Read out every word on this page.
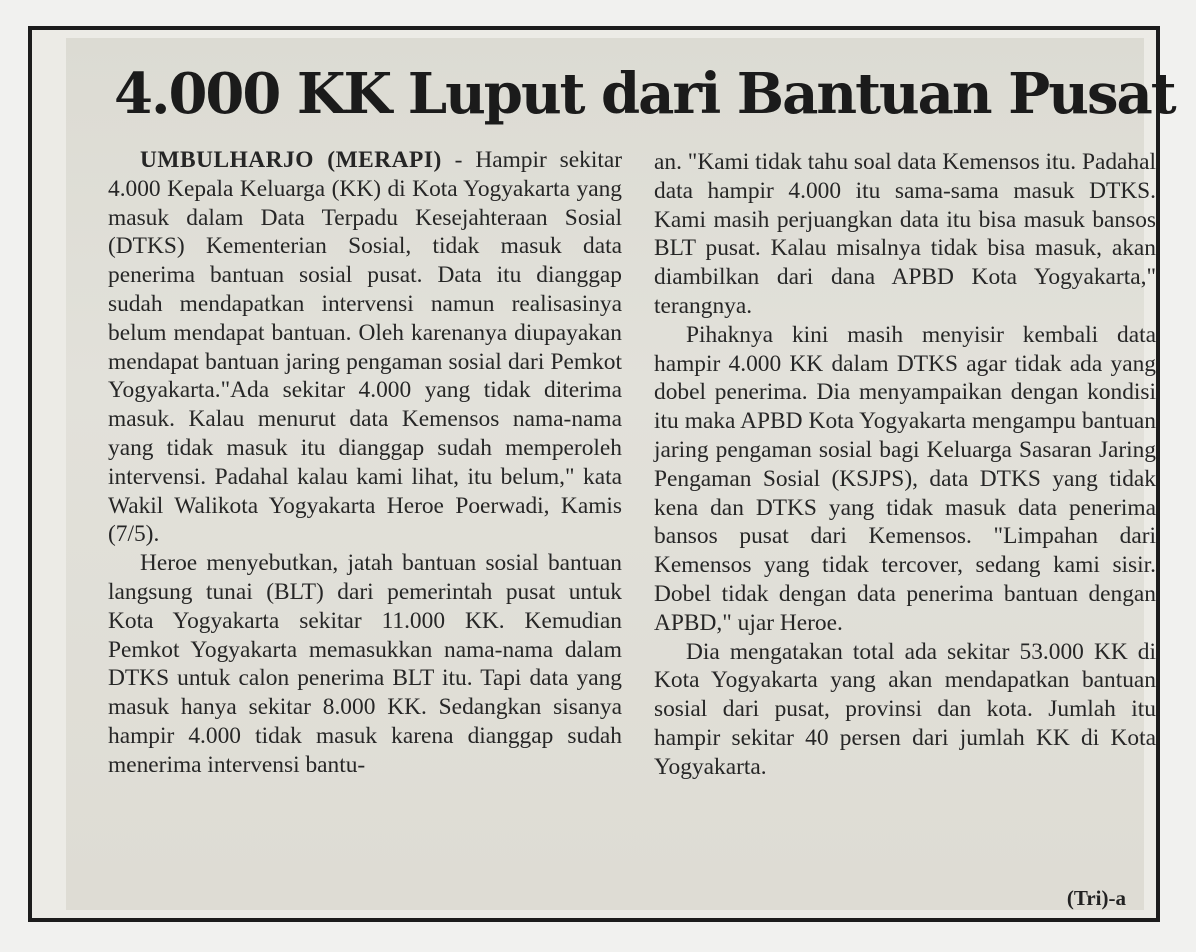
4.000 KK Luput dari Bantuan Pusat

UMBULHARJO (MERAPI) - Hampir sekitar 4.000 Kepala Keluarga (KK) di Kota Yogyakarta yang masuk dalam Data Terpadu Kesejahteraan Sosial (DTKS) Kementerian Sosial, tidak masuk data penerima bantuan sosial pusat. Data itu dianggap sudah mendapatkan intervensi namun realisasinya belum mendapat bantuan. Oleh karenanya diupayakan mendapat bantuan jaring pengaman sosial dari Pemkot Yogyakarta."Ada sekitar 4.000 yang tidak diterima masuk. Kalau menurut data Kemensos nama-nama yang tidak masuk itu dianggap sudah memperoleh intervensi. Padahal kalau kami lihat, itu belum," kata Wakil Walikota Yogyakarta Heroe Poerwadi, Kamis (7/5).

Heroe menyebutkan, jatah bantuan sosial bantuan langsung tunai (BLT) dari pemerintah pusat untuk Kota Yogyakarta sekitar 11.000 KK. Kemudian Pemkot Yogyakarta memasukkan nama-nama dalam DTKS untuk calon penerima BLT itu. Tapi data yang masuk hanya sekitar 8.000 KK. Sedangkan sisanya hampir 4.000 tidak masuk karena dianggap sudah menerima intervensi bantu-

an. "Kami tidak tahu soal data Kemensos itu. Padahal data hampir 4.000 itu sama-sama masuk DTKS. Kami masih perjuangkan data itu bisa masuk bansos BLT pusat. Kalau misalnya tidak bisa masuk, akan diambilkan dari dana APBD Kota Yogyakarta," terangnya.

Pihaknya kini masih menyisir kembali data hampir 4.000 KK dalam DTKS agar tidak ada yang dobel penerima. Dia menyampaikan dengan kondisi itu maka APBD Kota Yogyakarta mengampu bantuan jaring pengaman sosial bagi Keluarga Sasaran Jaring Pengaman Sosial (KSJPS), data DTKS yang tidak kena dan DTKS yang tidak masuk data penerima bansos pusat dari Kemensos. "Limpahan dari Kemensos yang tidak tercover, sedang kami sisir. Dobel tidak dengan data penerima bantuan dengan APBD," ujar Heroe.

Dia mengatakan total ada sekitar 53.000 KK di Kota Yogyakarta yang akan mendapatkan bantuan sosial dari pusat, provinsi dan kota. Jumlah itu hampir sekitar 40 persen dari jumlah KK di Kota Yogyakarta.

(Tri)-a
